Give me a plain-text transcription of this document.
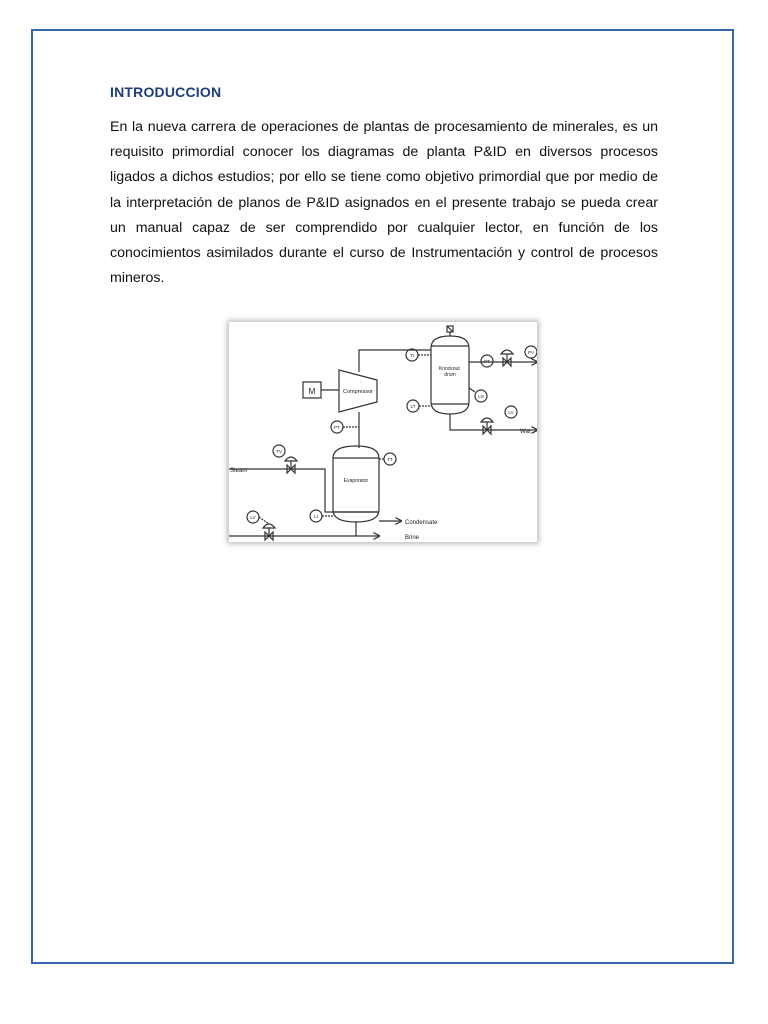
INTRODUCCION

En la nueva carrera de operaciones de plantas de procesamiento de minerales, es un requisito primordial conocer los diagramas de planta P&ID en diversos procesos ligados a dichos estudios; por ello se tiene como objetivo primordial que por medio de la interpretación de planos de P&ID asignados en el presente trabajo se pueda crear un manual capaz de ser comprendido por cualquier lector, en función de los conocimientos asimilados durante el curso de Instrumentación y control de procesos mineros.

M	Compressor
Knockout drum
TI
PT
PV
LT
LG
LV
Wat
PT
Evaporator
Steam
TV
TT
Condensate
LI
Brine
LV
